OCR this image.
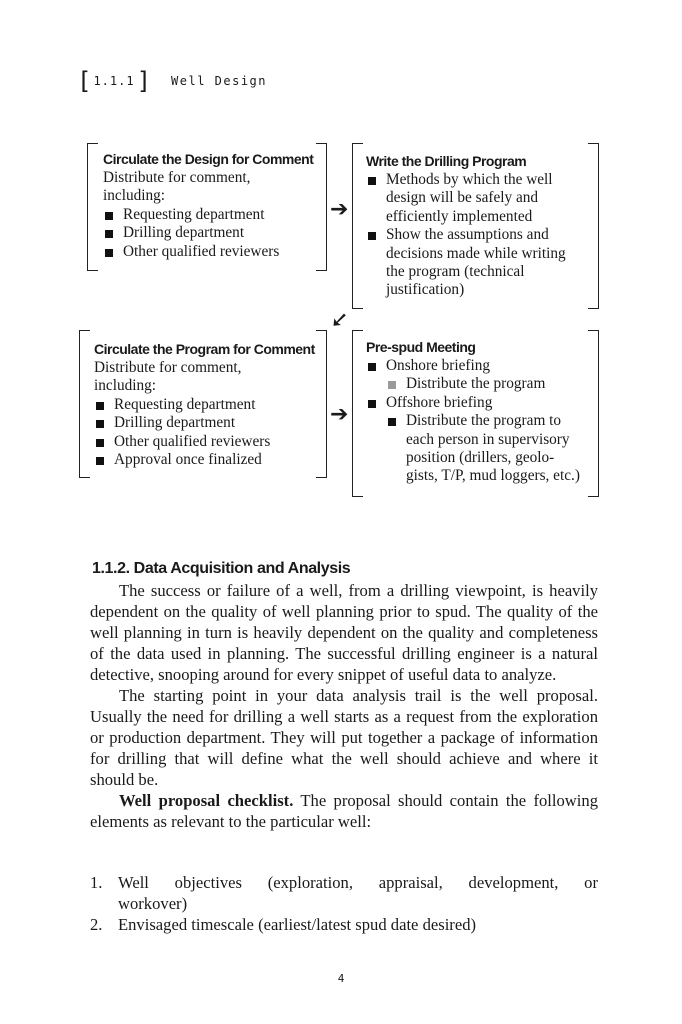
[ 1.1.1 ] Well Design
Circulate the Design for Comment
Distribute for comment,
including:
Requesting department
Drilling department
Other qualified reviewers
➔
Write the Drilling Program
Methods by which the well
design will be safely and
efficiently implemented
Show the assumptions and
decisions made while writing
the program (technical
justification)
➘
Circulate the Program for Comment
Distribute for comment,
including:
Requesting department
Drilling department
Other qualified reviewers
Approval once finalized
➔
Pre-spud Meeting
Onshore briefing
Distribute the program
Offshore briefing
Distribute the program to
each person in supervisory
position (drillers, geolo-
gists, T/P, mud loggers, etc.)
1.1.2. Data Acquisition and Analysis

The success or failure of a well, from a drilling viewpoint, is heavily dependent on the quality of well planning prior to spud. The quality of the well planning in turn is heavily dependent on the quality and completeness of the data used in planning. The successful drilling engineer is a natural detective, snooping around for every snippet of useful data to analyze.

The starting point in your data analysis trail is the well proposal. Usually the need for drilling a well starts as a request from the exploration or production department. They will put together a package of information for drilling that will define what the well should achieve and where it should be.

Well proposal checklist. The proposal should contain the following elements as relevant to the particular well:

1. Well objectives (exploration, appraisal, development, or
workover)
2. Envisaged timescale (earliest/latest spud date desired)
4
